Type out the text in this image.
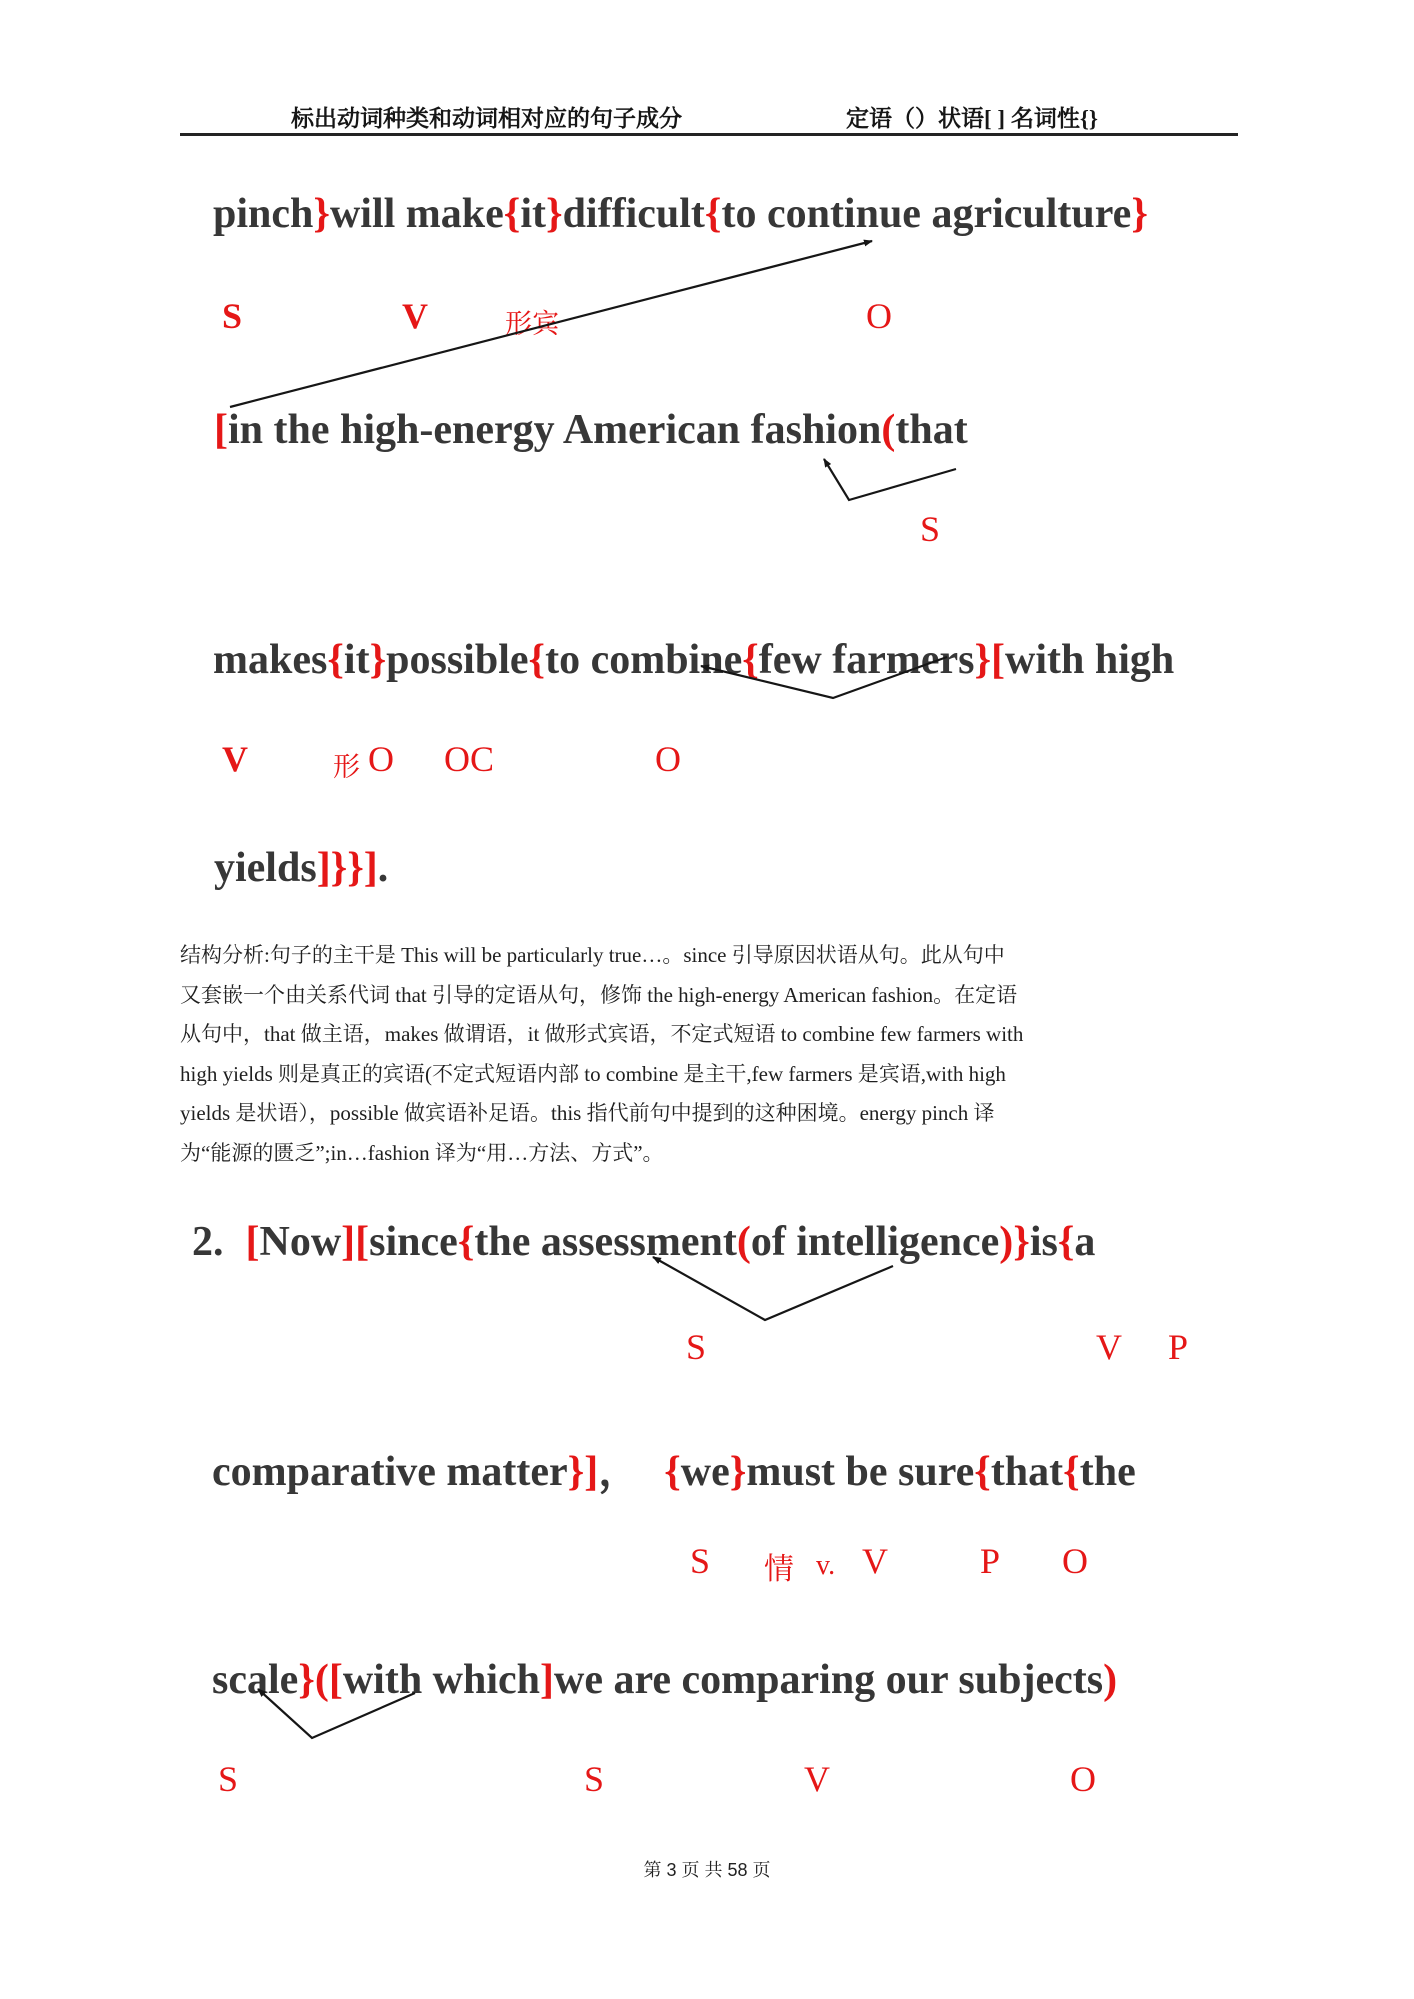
标出动词种类和动词相对应的句子成分	定语（）状语[ ] 名词性{}
pinch}will make{it}difficult{to continue agriculture}
S	V	形宾	O
[in the high-energy American fashion(that
S
makes{it}possible{to combine{few farmers}[with high
V	形 O OC	O
yields]}}].
结构分析:句子的主干是 This will be particularly true…。since 引导原因状语从句。此从句中
又套嵌一个由关系代词 that 引导的定语从句，修饰 the high-energy American fashion。在定语
从句中，that 做主语，makes 做谓语，it 做形式宾语，不定式短语 to combine few farmers with
high yields 则是真正的宾语(不定式短语内部 to combine 是主干,few farmers 是宾语,with high
yields 是状语），possible 做宾语补足语。this 指代前句中提到的这种困境。energy pinch 译
为“能源的匮乏”;in…fashion 译为“用…方法、方式”。
2. [Now][since{the assessment(of intelligence)}is{a
S	V P
comparative matter}]， {we}must be sure{that{the
S 情 v. V	P O
scale}([with which]we are comparing our subjects)
S	S	V	O
第 3 页 共 58 页
